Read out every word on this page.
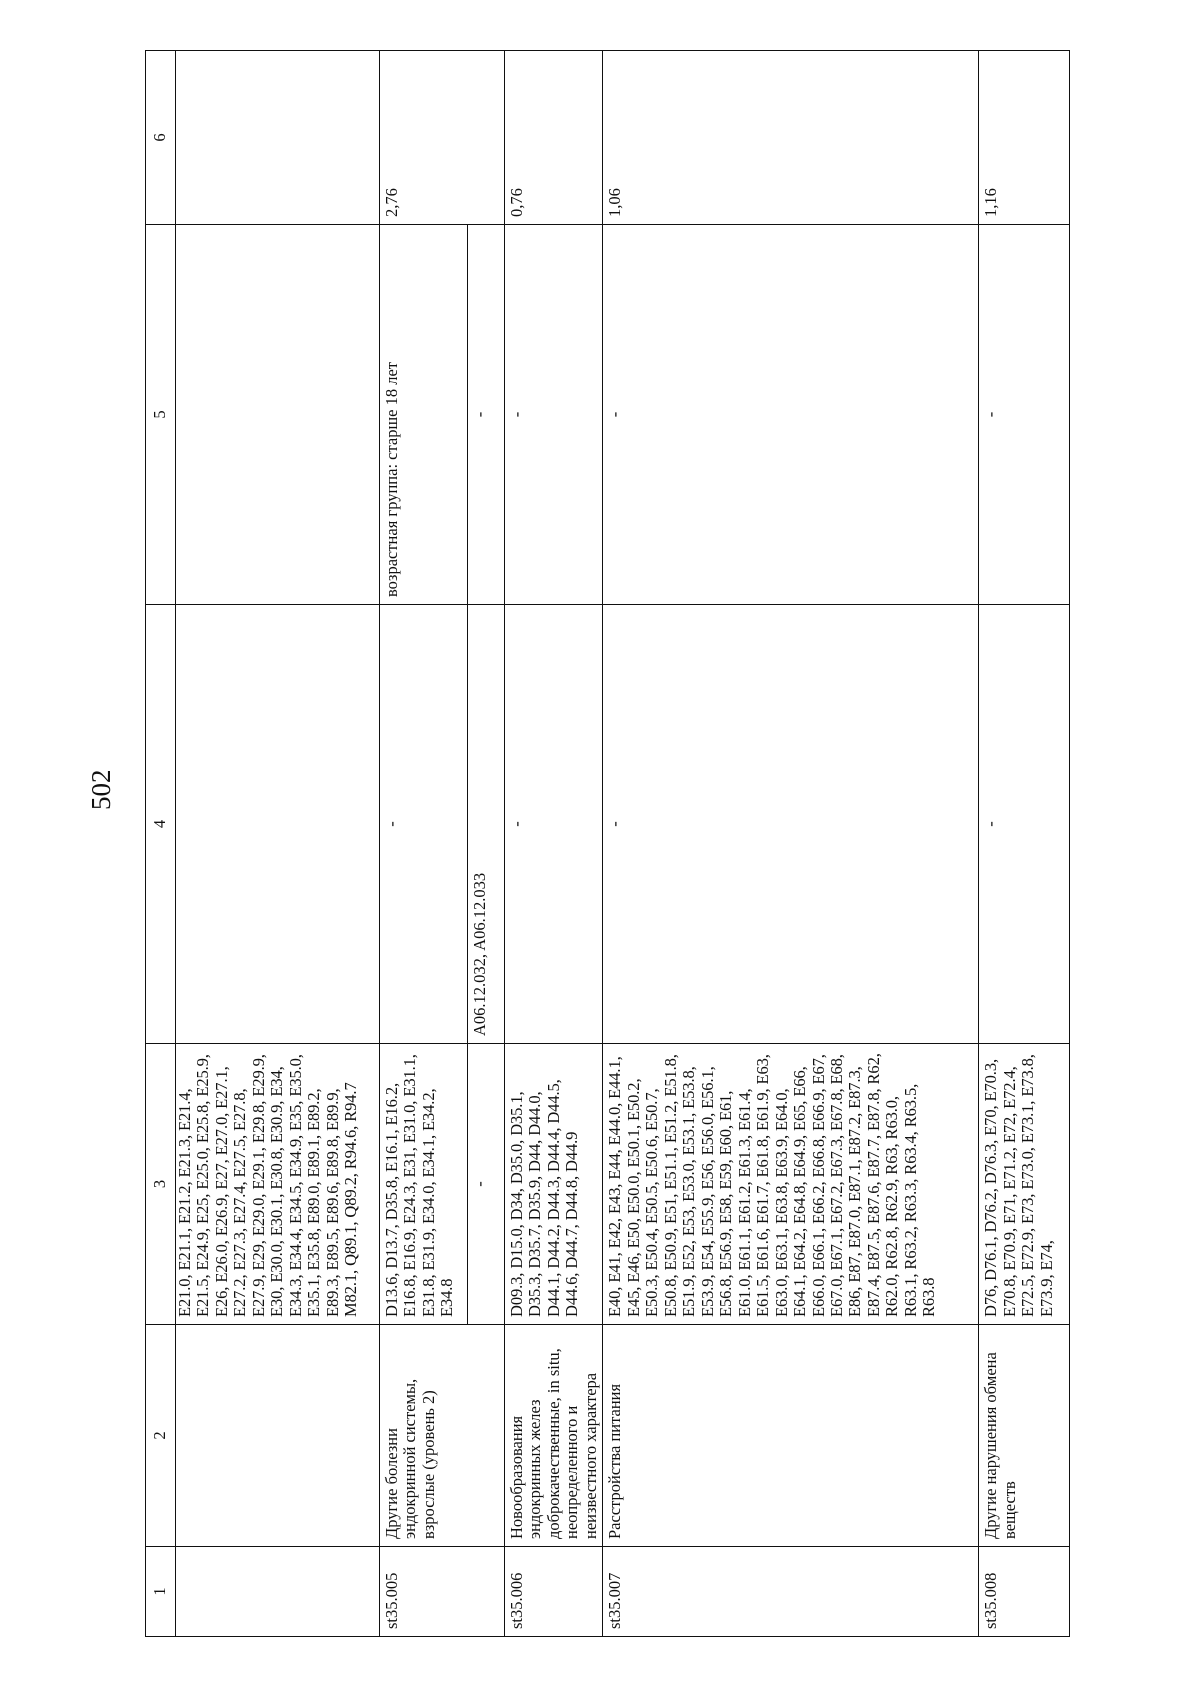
502
1	2	3	4	5	6
		E21.0, E21.1, E21.2, E21.3, E21.4, E21.5, E24.9, E25, E25.0, E25.8, E25.9, E26, E26.0, E26.9, E27, E27.0, E27.1, E27.2, E27.3, E27.4, E27.5, E27.8, E27.9, E29, E29.0, E29.1, E29.8, E29.9, E30, E30.0, E30.1, E30.8, E30.9, E34, E34.3, E34.4, E34.5, E34.9, E35, E35.0, E35.1, E35.8, E89.0, E89.1, E89.2, E89.3, E89.5, E89.6, E89.8, E89.9, M82.1, Q89.1, Q89.2, R94.6, R94.7			
st35.005	Другие болезни эндокринной системы, взрослые (уровень 2)	D13.6, D13.7, D35.8, E16.1, E16.2, E16.8, E16.9, E24.3, E31, E31.0, E31.1, E31.8, E31.9, E34.0, E34.1, E34.2, E34.8	-	возрастная группа: старше 18 лет	2,76
		-	A06.12.032, A06.12.033	-	
st35.006	Новообразования эндокринных желез доброкачественные, in situ, неопределенного и неизвестного характера	D09.3, D15.0, D34, D35.0, D35.1, D35.3, D35.7, D35.9, D44, D44.0, D44.1, D44.2, D44.3, D44.4, D44.5, D44.6, D44.7, D44.8, D44.9	-	-	0,76
st35.007	Расстройства питания	E40, E41, E42, E43, E44, E44.0, E44.1, E45, E46, E50, E50.0, E50.1, E50.2, E50.3, E50.4, E50.5, E50.6, E50.7, E50.8, E50.9, E51, E51.1, E51.2, E51.8, E51.9, E52, E53, E53.0, E53.1, E53.8, E53.9, E54, E55.9, E56, E56.0, E56.1, E56.8, E56.9, E58, E59, E60, E61, E61.0, E61.1, E61.2, E61.3, E61.4, E61.5, E61.6, E61.7, E61.8, E61.9, E63, E63.0, E63.1, E63.8, E63.9, E64.0, E64.1, E64.2, E64.8, E64.9, E65, E66, E66.0, E66.1, E66.2, E66.8, E66.9, E67, E67.0, E67.1, E67.2, E67.3, E67.8, E68, E86, E87, E87.0, E87.1, E87.2, E87.3, E87.4, E87.5, E87.6, E87.7, E87.8, R62, R62.0, R62.8, R62.9, R63, R63.0, R63.1, R63.2, R63.3, R63.4, R63.5, R63.8	-	-	1,06
st35.008	Другие нарушения обмена веществ	D76, D76.1, D76.2, D76.3, E70, E70.3, E70.8, E70.9, E71, E71.2, E72, E72.4, E72.5, E72.9, E73, E73.0, E73.1, E73.8, E73.9, E74,	-	-	1,16
